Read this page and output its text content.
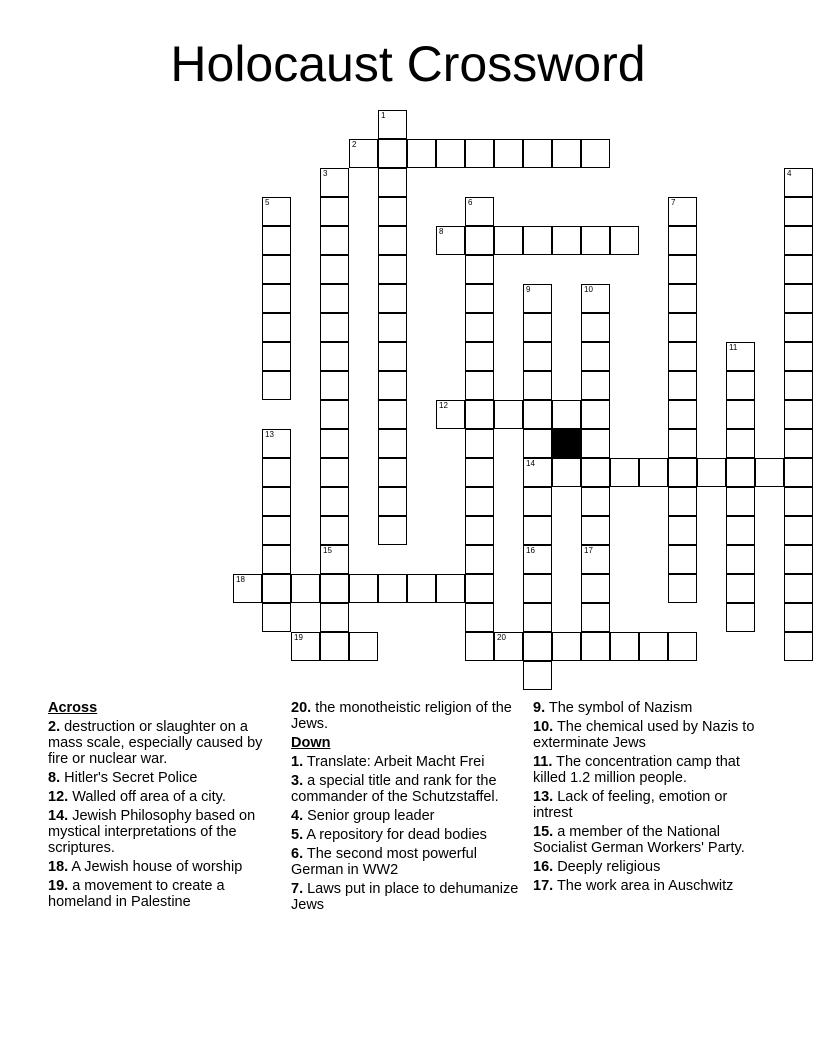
Holocaust Crossword
1
2
3	4
5	6	7
8
9
14
16
10
17
11
12
13
15
18
19	20
Across
2. destruction or slaughter on a mass scale, especially caused by fire or nuclear war.
8. Hitler's Secret Police
12. Walled off area of a city.
14. Jewish Philosophy based on mystical interpretations of the scriptures.
18. A Jewish house of worship
19. a movement to create a homeland in Palestine
20. the monotheistic religion of the Jews.
Down
1. Translate: Arbeit Macht Frei
3. a special title and rank for the commander of the Schutzstaffel.
4. Senior group leader
5. A repository for dead bodies
6. The second most powerful German in WW2
7. Laws put in place to dehumanize Jews
9. The symbol of Nazism
10. The chemical used by Nazis to exterminate Jews
11. The concentration camp that killed 1.2 million people.
13. Lack of feeling, emotion or intrest
15. a member of the National Socialist German Workers' Party.
16. Deeply religious
17. The work area in Auschwitz
